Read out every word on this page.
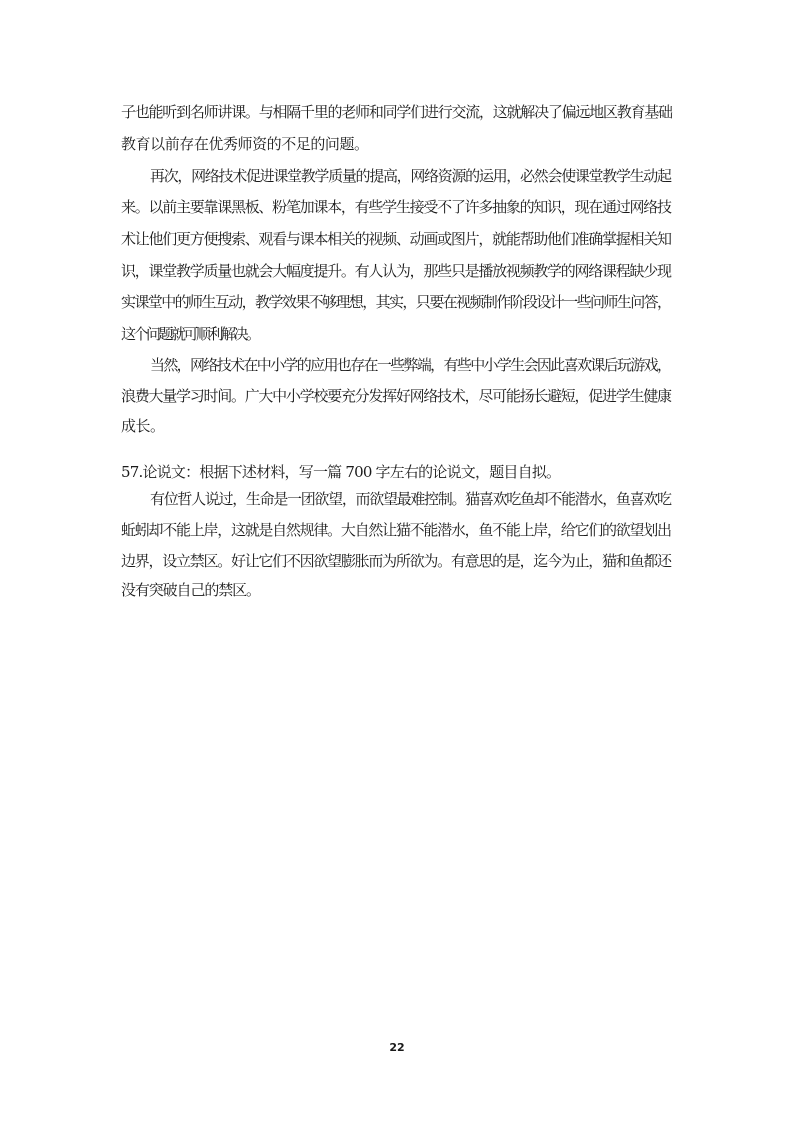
子也能听到名师讲课。与相隔千里的老师和同学们进行交流，这就解决了偏远地区教育基础
教育以前存在优秀师资的不足的问题。
再次，网络技术促进课堂教学质量的提高，网络资源的运用，必然会使课堂教学生动起
来。以前主要靠课黑板、粉笔加课本，有些学生接受不了许多抽象的知识，现在通过网络技
术让他们更方便搜索、观看与课本相关的视频、动画或图片，就能帮助他们准确掌握相关知
识，课堂教学质量也就会大幅度提升。有人认为，那些只是播放视频教学的网络课程缺少现
实课堂中的师生互动，教学效果不够理想，其实，只要在视频制作阶段设计一些问师生问答，
这个问题就可顺利解决。
当然，网络技术在中小学的应用也存在一些弊端，有些中小学生会因此喜欢课后玩游戏，
浪费大量学习时间。广大中小学校要充分发挥好网络技术，尽可能扬长避短，促进学生健康
成长。
57.论说文：根据下述材料，写一篇 700 字左右的论说文，题目自拟。
有位哲人说过，生命是一团欲望，而欲望最难控制。猫喜欢吃鱼却不能潜水，鱼喜欢吃
蚯蚓却不能上岸，这就是自然规律。大自然让猫不能潜水，鱼不能上岸，给它们的欲望划出
边界，设立禁区。好让它们不因欲望膨胀而为所欲为。有意思的是，迄今为止，猫和鱼都还
没有突破自己的禁区。
22
